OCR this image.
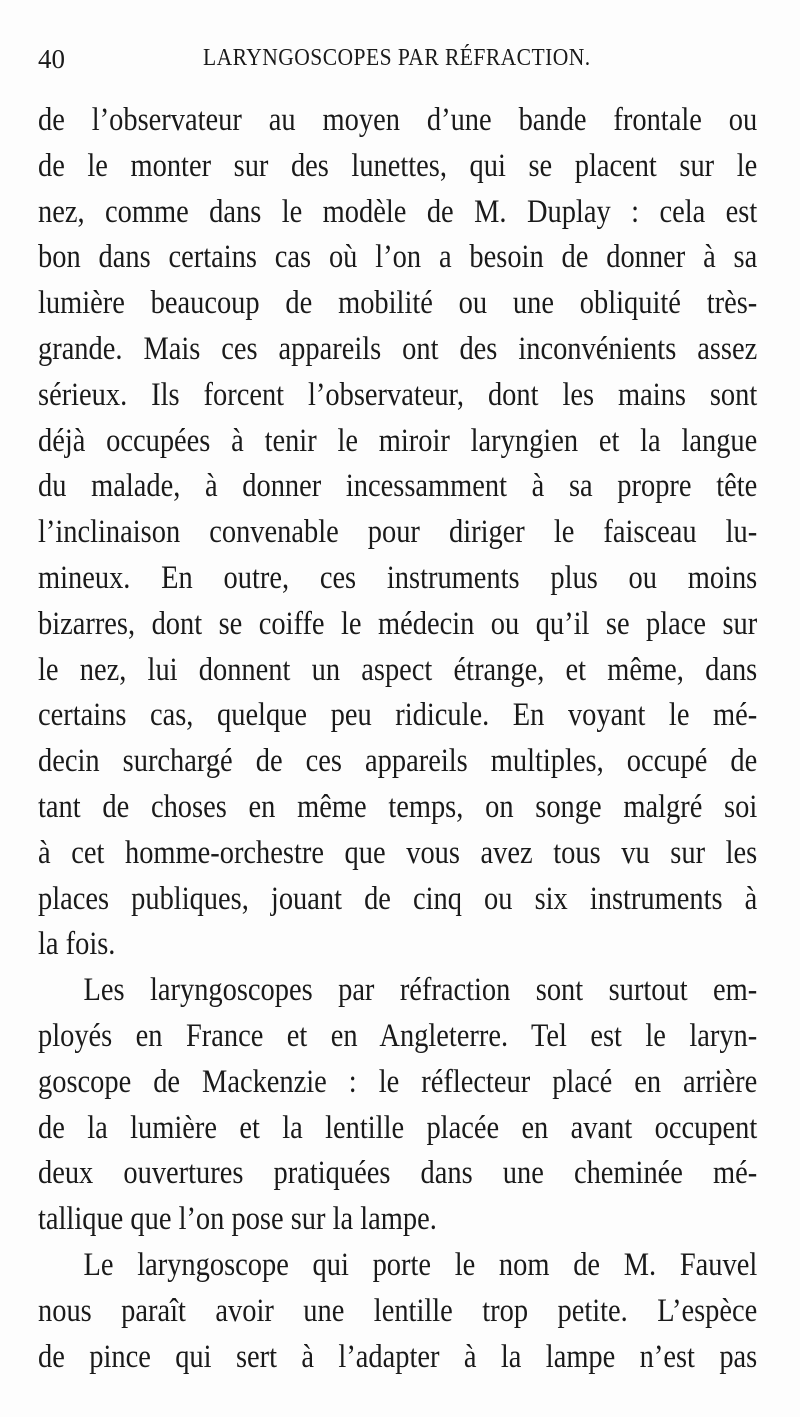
40	LARYNGOSCOPES PAR RÉFRACTION.
de l’observateur au moyen d’une bande frontale ou
de le monter sur des lunettes, qui se placent sur le
nez, comme dans le modèle de M. Duplay : cela est
bon dans certains cas où l’on a besoin de donner à sa
lumière beaucoup de mobilité ou une obliquité très-
grande. Mais ces appareils ont des inconvénients assez
sérieux. Ils forcent l’observateur, dont les mains sont
déjà occupées à tenir le miroir laryngien et la langue
du malade, à donner incessamment à sa propre tête
l’inclinaison convenable pour diriger le faisceau lu-
mineux. En outre, ces instruments plus ou moins
bizarres, dont se coiffe le médecin ou qu’il se place sur
le nez, lui donnent un aspect étrange, et même, dans
certains cas, quelque peu ridicule. En voyant le mé-
decin surchargé de ces appareils multiples, occupé de
tant de choses en même temps, on songe malgré soi
à cet homme-orchestre que vous avez tous vu sur les
places publiques, jouant de cinq ou six instruments à
la fois.
Les laryngoscopes par réfraction sont surtout em-
ployés en France et en Angleterre. Tel est le laryn-
goscope de Mackenzie : le réflecteur placé en arrière
de la lumière et la lentille placée en avant occupent
deux ouvertures pratiquées dans une cheminée mé-
tallique que l’on pose sur la lampe.
Le laryngoscope qui porte le nom de M. Fauvel
nous paraît avoir une lentille trop petite. L’espèce
de pince qui sert à l’adapter à la lampe n’est pas
